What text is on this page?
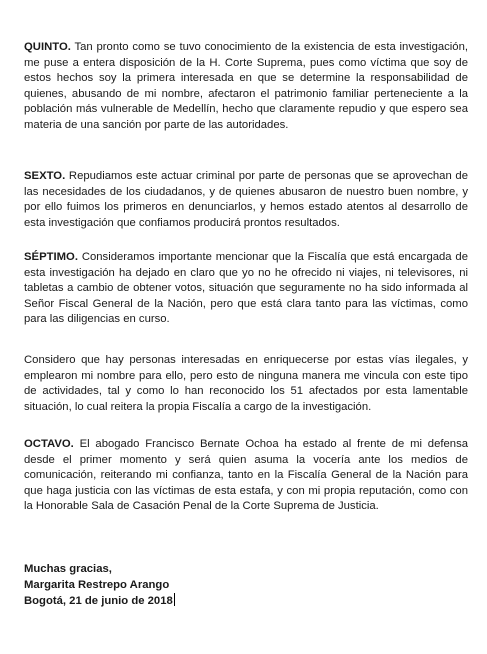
QUINTO. Tan pronto como se tuvo conocimiento de la existencia de esta investigación, me puse a entera disposición de la H. Corte Suprema, pues como víctima que soy de estos hechos soy la primera interesada en que se determine la responsabilidad de quienes, abusando de mi nombre, afectaron el patrimonio familiar perteneciente a la población más vulnerable de Medellín, hecho que claramente repudio y que espero sea materia de una sanción por parte de las autoridades.

SEXTO. Repudiamos este actuar criminal por parte de personas que se aprovechan de las necesidades de los ciudadanos, y de quienes abusaron de nuestro buen nombre, y por ello fuimos los primeros en denunciarlos, y hemos estado atentos al desarrollo de esta investigación que confiamos producirá prontos resultados.

SÉPTIMO. Consideramos importante mencionar que la Fiscalía que está encargada de esta investigación ha dejado en claro que yo no he ofrecido ni viajes, ni televisores, ni tabletas a cambio de obtener votos, situación que seguramente no ha sido informada al Señor Fiscal General de la Nación, pero que está clara tanto para las víctimas, como para las diligencias en curso.

Considero que hay personas interesadas en enriquecerse por estas vías ilegales, y emplearon mi nombre para ello, pero esto de ninguna manera me vincula con este tipo de actividades, tal y como lo han reconocido los 51 afectados por esta lamentable situación, lo cual reitera la propia Fiscalía a cargo de la investigación.

OCTAVO. El abogado Francisco Bernate Ochoa ha estado al frente de mi defensa desde el primer momento y será quien asuma la vocería ante los medios de comunicación, reiterando mi confianza, tanto en la Fiscalía General de la Nación para que haga justicia con las víctimas de esta estafa, y con mi propia reputación, como con la Honorable Sala de Casación Penal de la Corte Suprema de Justicia.

Muchas gracias,
Margarita Restrepo Arango
Bogotá, 21 de junio de 2018
